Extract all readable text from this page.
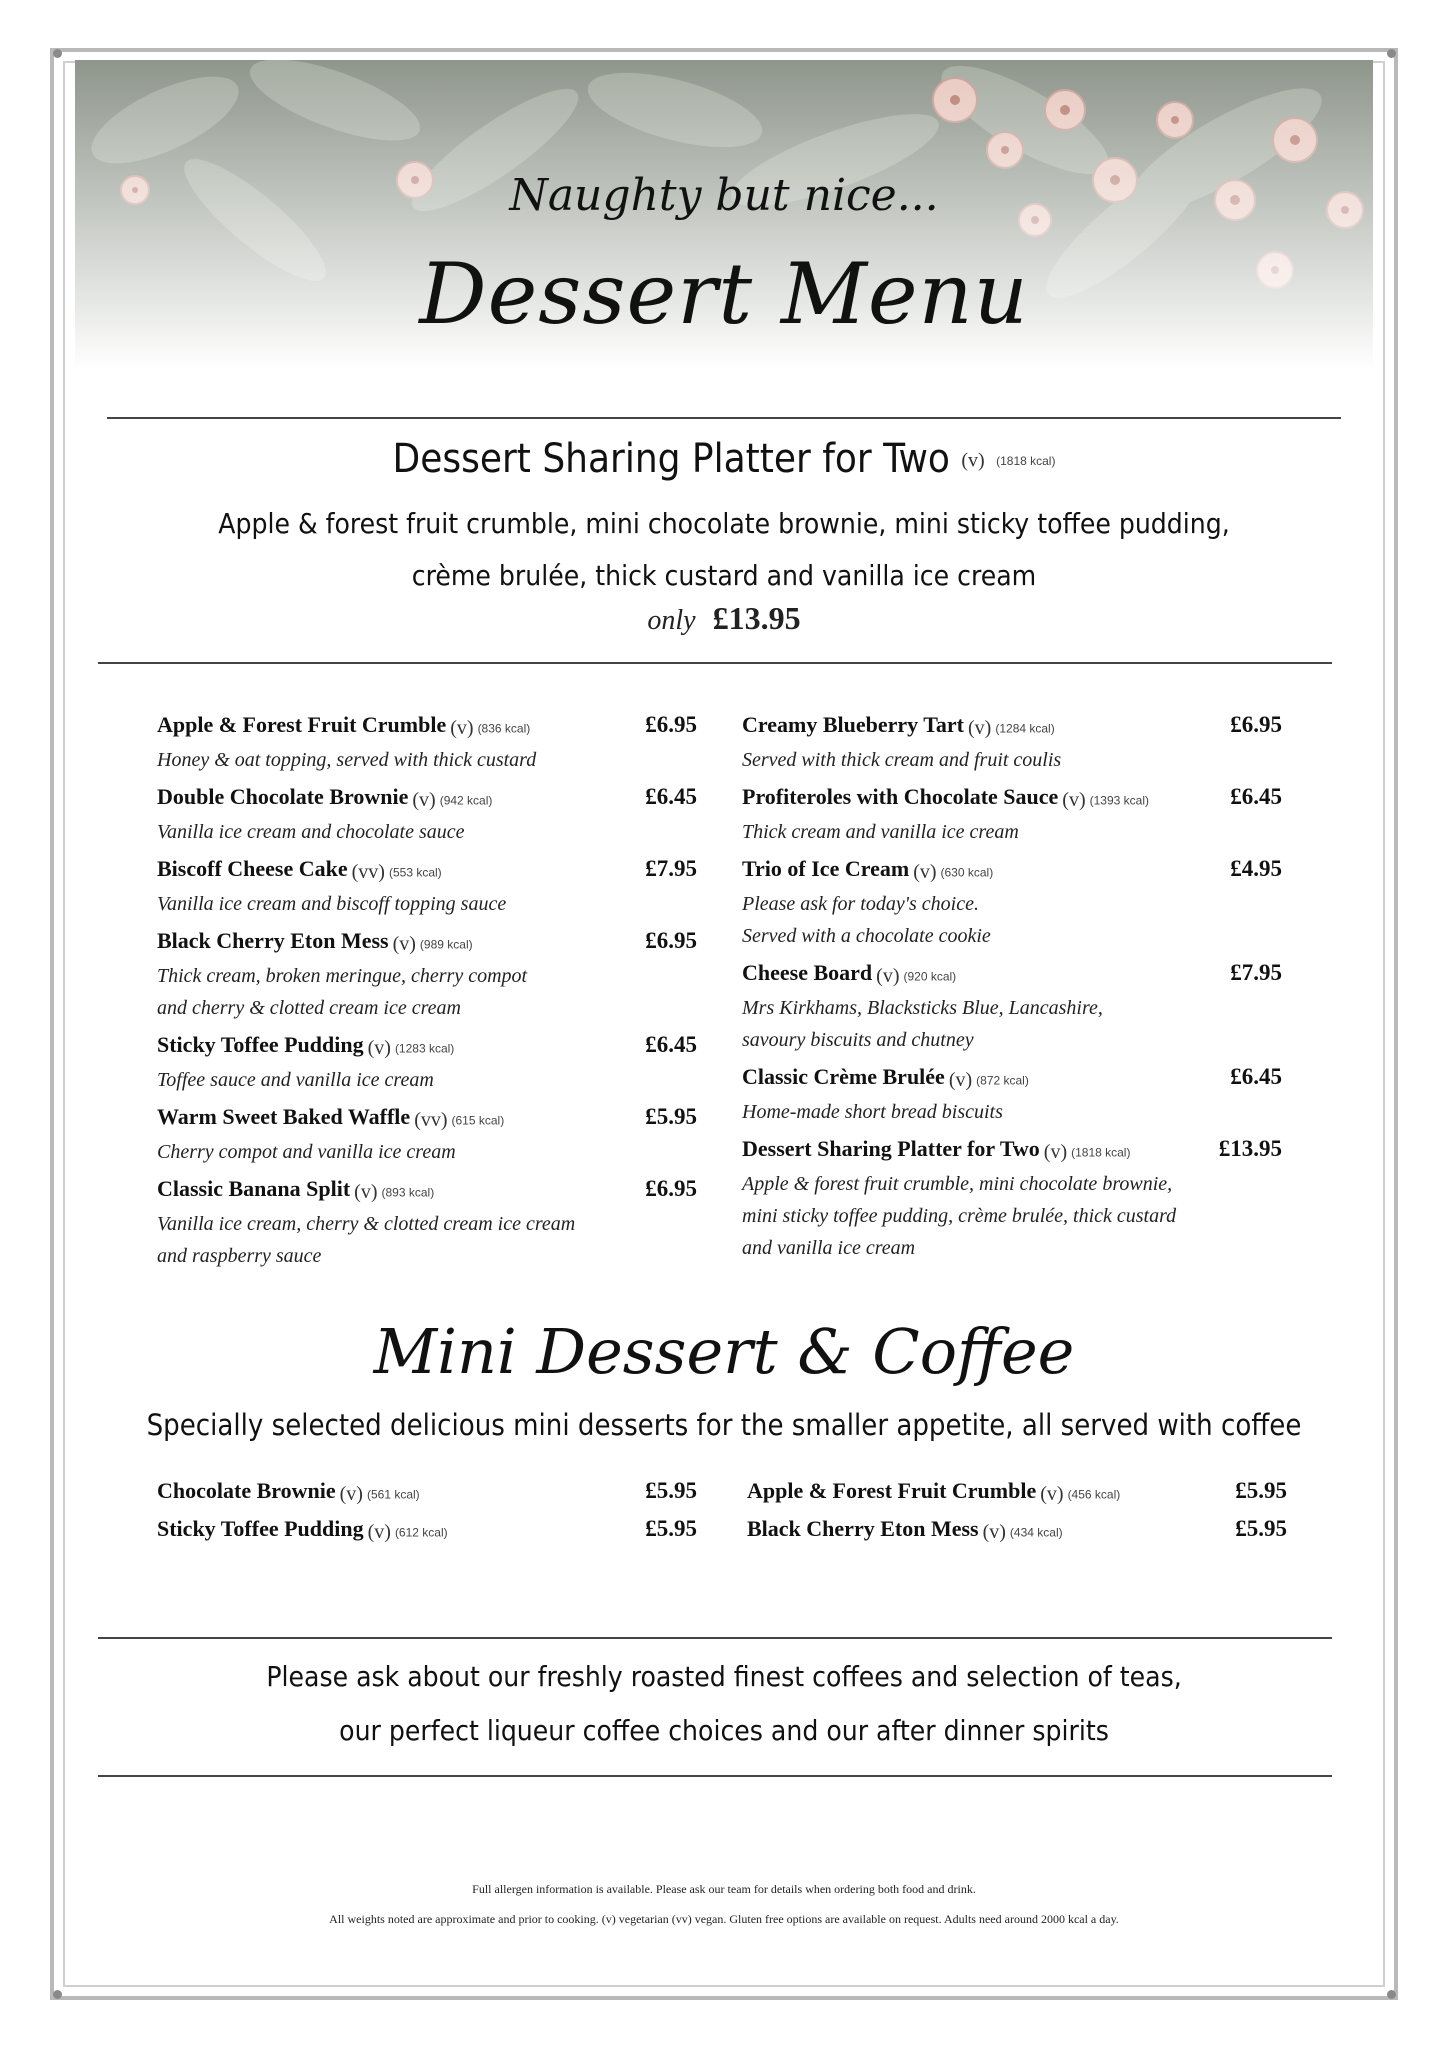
Naughty but nice...
Dessert Menu
Dessert Sharing Platter for Two (v) (1818 kcal)
Apple & forest fruit crumble, mini chocolate brownie, mini sticky toffee pudding,
crème brulée, thick custard and vanilla ice cream
only £13.95
Apple & Forest Fruit Crumble (v) (836 kcal)	£6.95
Honey & oat topping, served with thick custard
Double Chocolate Brownie (v) (942 kcal)	£6.45
Vanilla ice cream and chocolate sauce
Biscoff Cheese Cake (vv) (553 kcal)	£7.95
Vanilla ice cream and biscoff topping sauce
Black Cherry Eton Mess (v) (989 kcal)	£6.95
Thick cream, broken meringue, cherry compot
and cherry & clotted cream ice cream
Sticky Toffee Pudding (v) (1283 kcal)	£6.45
Toffee sauce and vanilla ice cream
Warm Sweet Baked Waffle (vv) (615 kcal)	£5.95
Cherry compot and vanilla ice cream
Classic Banana Split (v) (893 kcal)	£6.95
Vanilla ice cream, cherry & clotted cream ice cream
and raspberry sauce
Creamy Blueberry Tart (v) (1284 kcal)	£6.95
Served with thick cream and fruit coulis
Profiteroles with Chocolate Sauce (v) (1393 kcal)	£6.45
Thick cream and vanilla ice cream
Trio of Ice Cream (v) (630 kcal)	£4.95
Please ask for today's choice.
Served with a chocolate cookie
Cheese Board (v) (920 kcal)	£7.95
Mrs Kirkhams, Blacksticks Blue, Lancashire,
savoury biscuits and chutney
Classic Crème Brulée (v) (872 kcal)	£6.45
Home-made short bread biscuits
Dessert Sharing Platter for Two (v) (1818 kcal)	£13.95
Apple & forest fruit crumble, mini chocolate brownie,
mini sticky toffee pudding, crème brulée, thick custard
and vanilla ice cream
Mini Dessert & Coffee
Specially selected delicious mini desserts for the smaller appetite, all served with coffee
Chocolate Brownie (v) (561 kcal)	£5.95
Sticky Toffee Pudding (v) (612 kcal)	£5.95
Apple & Forest Fruit Crumble (v) (456 kcal)	£5.95
Black Cherry Eton Mess (v) (434 kcal)	£5.95
Please ask about our freshly roasted finest coffees and selection of teas,
our perfect liqueur coffee choices and our after dinner spirits
Full allergen information is available. Please ask our team for details when ordering both food and drink.
All weights noted are approximate and prior to cooking. (v) vegetarian (vv) vegan. Gluten free options are available on request. Adults need around 2000 kcal a day.
